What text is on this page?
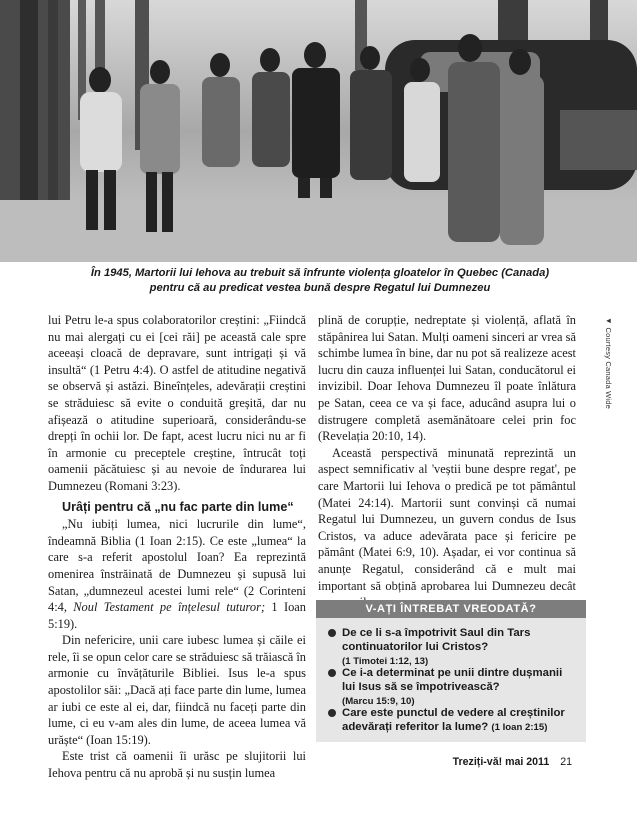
În 1945, Martorii lui Iehova au trebuit să înfrunte violența gloatelor în Quebec (Canada)
pentru că au predicat vestea bună despre Regatul lui Dumnezeu
◄ Courtesy Canada Wide

lui Petru le-a spus colaboratorilor creștini: „Fiindcă nu mai alergați cu ei [cei răi] pe această cale spre aceeași cloacă de depravare, sunt intrigați și vă insultă“ (1 Petru 4:4). O astfel de atitudine negativă se observă și astăzi. Bineînțeles, adevărații creștini se străduiesc să evite o conduită greșită, dar nu afișează o atitudine superioară, considerându-se drepți în ochii lor. De fapt, acest lucru nici nu ar fi în armonie cu preceptele creștine, întrucât toți oamenii păcătuiesc și au nevoie de îndurarea lui Dumnezeu (Romani 3:23).

Urâți pentru că „nu fac parte din lume“

„Nu iubiți lumea, nici lucrurile din lume“, îndeamnă Biblia (1 Ioan 2:15). Ce este „lumea“ la care s-a referit apostolul Ioan? Ea reprezintă omenirea înstrăinată de Dumnezeu și supusă lui Satan, „dumnezeul acestei lumi rele“ (2 Corinteni 4:4, Noul Testament pe înțelesul tuturor; 1 Ioan 5:19).

Din nefericire, unii care iubesc lumea și căile ei rele, îi se opun celor care se străduiesc să trăiască în armonie cu învățăturile Bibliei. Isus le-a spus apostolilor săi: „Dacă ați face parte din lume, lumea ar iubi ce este al ei, dar, fiindcă nu faceți parte din lume, ci eu v-am ales din lume, de aceea lumea vă urăște“ (Ioan 15:19).

Este trist că oamenii îi urăsc pe slujitorii lui Iehova pentru că nu aprobă și nu susțin lumea

plină de corupție, nedreptate și violență, aflată în stăpânirea lui Satan. Mulți oameni sinceri ar vrea să schimbe lumea în bine, dar nu pot să realizeze acest lucru din cauza influenței lui Satan, conducătorul ei invizibil. Doar Iehova Dumnezeu îl poate înlătura pe Satan, ceea ce va și face, aducând asupra lui o distrugere completă asemănătoare celei prin foc (Revelația 20:10, 14).

Această perspectivă minunată reprezintă un aspect semnificativ al 'veștii bune despre regat', pe care Martorii lui Iehova o predică pe tot pământul (Matei 24:14). Martorii sunt convinși că numai Regatul lui Dumnezeu, un guvern condus de Isus Cristos, va aduce adevărata pace și fericire pe pământ (Matei 6:9, 10). Așadar, ei vor continua să anunțe Regatul, considerând că e mult mai important să obțină aprobarea lui Dumnezeu decât

V-AȚI ÎNTREBAT VREODATĂ?
De ce li s-a împotrivit Saul din Tars continuatorilor lui Cristos?
(1 Timotei 1:12, 13)
Ce i-a determinat pe unii dintre dușmanii lui Isus să se împotrivească?
(Marcu 15:9, 10)
Care este punctul de vedere al creștinilor adevărați referitor la lume? (1 Ioan 2:15)
Treziți-vă! mai 2011 21
